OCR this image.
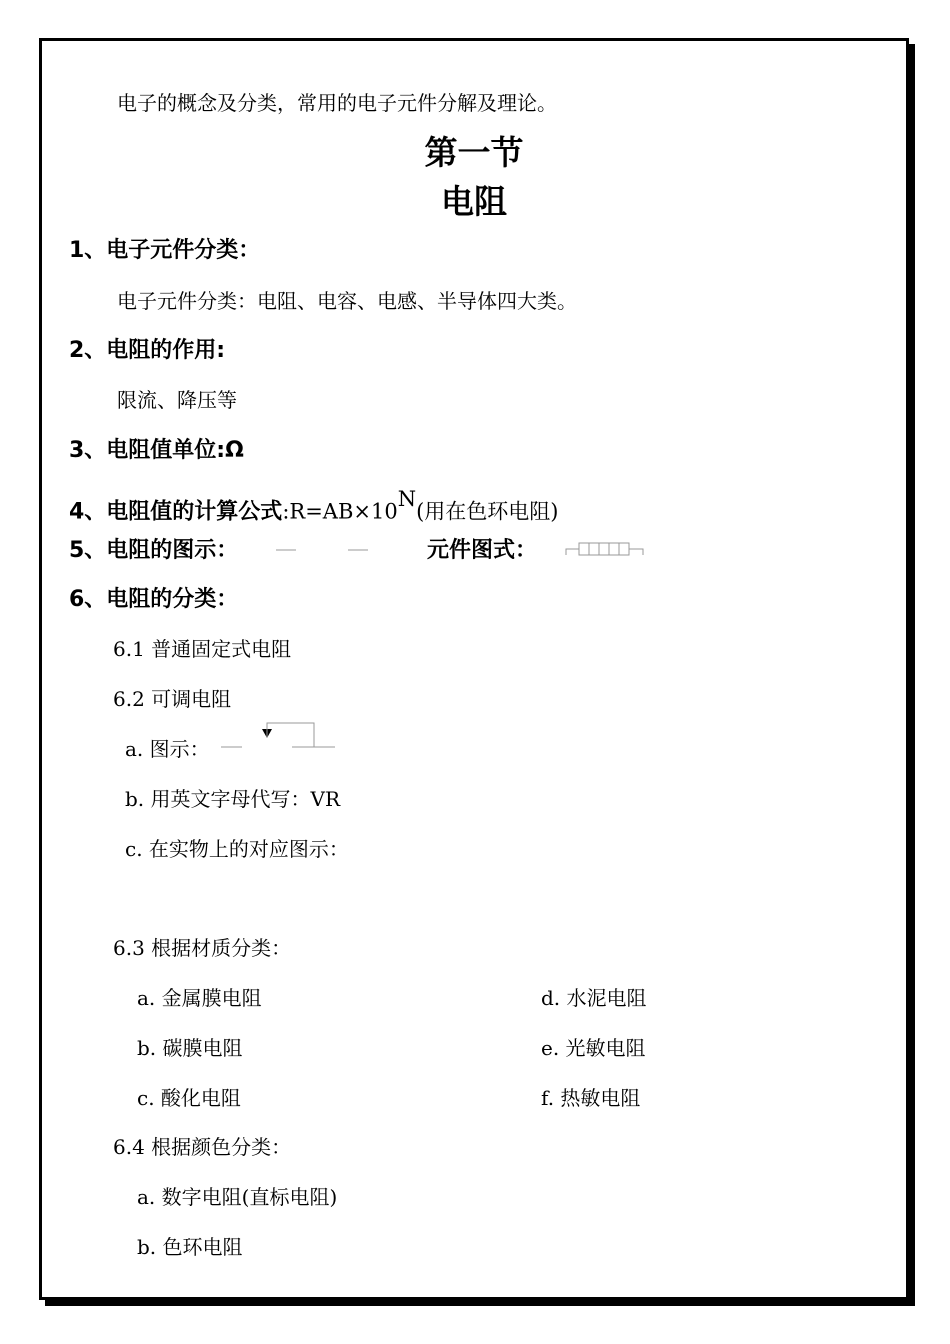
电子的概念及分类，常用的电子元件分解及理论。
第一节
电阻
1、电子元件分类：
电子元件分类：电阻、电容、电感、半导体四大类。
2、电阻的作用:
限流、降压等
3、电阻值单位:Ω
4、电阻值的计算公式$:R=AB\times 10^N$(用在色环电阻)
5、电阻的图示：	元件图式：
6、电阻的分类：
6.1 普通固定式电阻
6.2 可调电阻
a. 图示：
b. 用英文字母代写：VR
c. 在实物上的对应图示：
6.3 根据材质分类：
a. 金属膜电阻	d. 水泥电阻
b. 碳膜电阻	e. 光敏电阻
c. 酸化电阻	f. 热敏电阻
6.4 根据颜色分类：
a. 数字电阻(直标电阻)
b. 色环电阻
